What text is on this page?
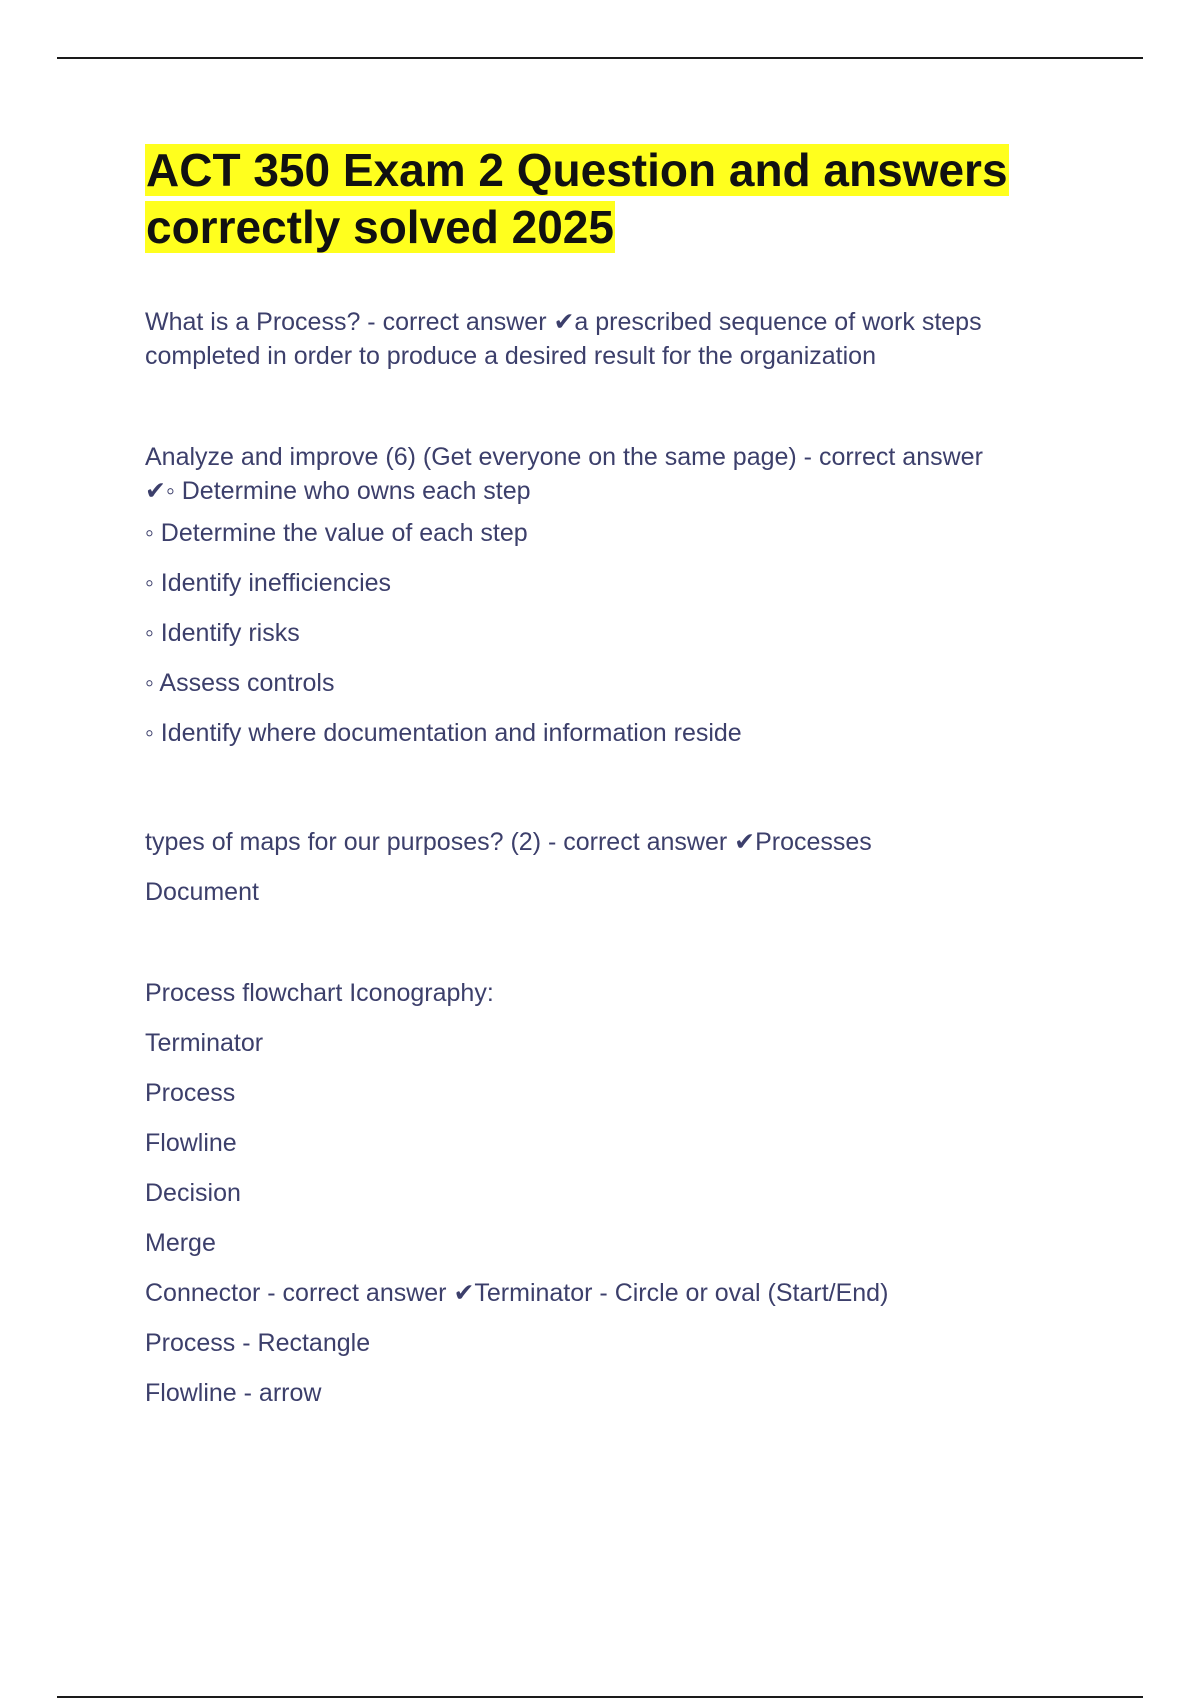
ACT 350 Exam 2 Question and answers
correctly solved 2025
What is a Process? - correct answer ✔a prescribed sequence of work steps
completed in order to produce a desired result for the organization
Analyze and improve (6) (Get everyone on the same page) - correct answer
✔◦ Determine who owns each step
◦ Determine the value of each step
◦ Identify inefficiencies
◦ Identify risks
◦ Assess controls
◦ Identify where documentation and information reside
types of maps for our purposes? (2) - correct answer ✔Processes
Document
Process flowchart Iconography:
Terminator
Process
Flowline
Decision
Merge
Connector - correct answer ✔Terminator - Circle or oval (Start/End)
Process - Rectangle
Flowline - arrow
